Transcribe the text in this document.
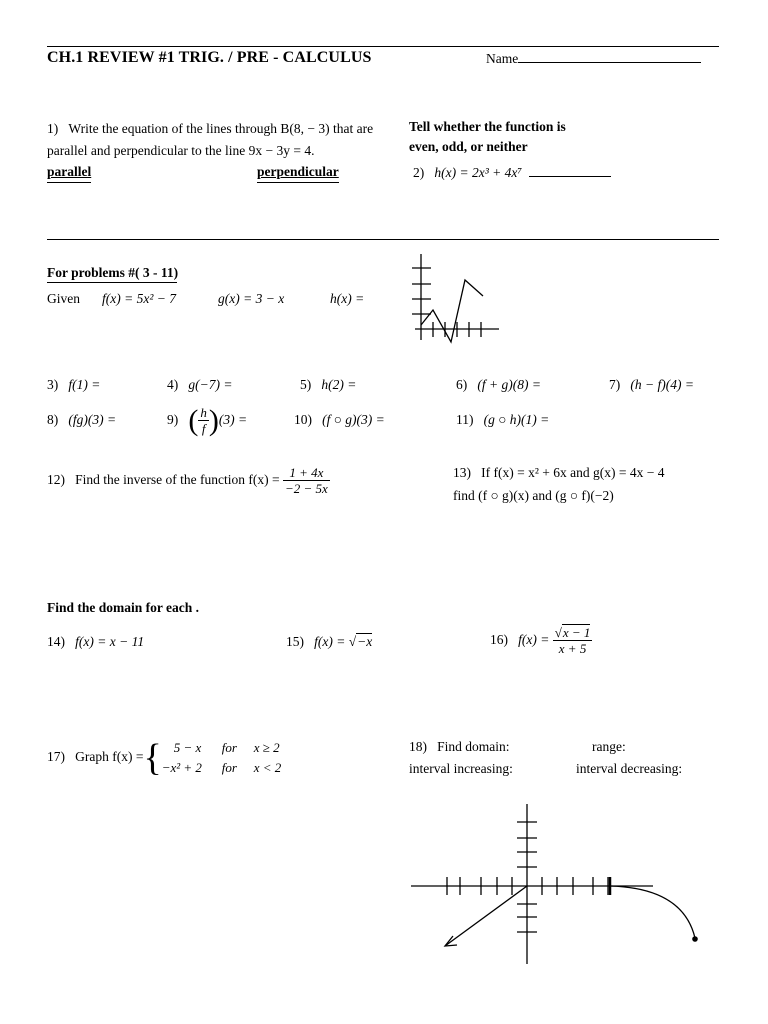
CH.1 REVIEW #1 TRIG. / PRE - CALCULUS	Name
1) Write the equation of the lines through B(8, − 3) that are
parallel and perpendicular to the line 9x − 3y = 4.
parallel	perpendicular
Tell whether the function is
even, odd, or neither
2) h(x) = 2x³ + 4x⁷
For problems #( 3 - 11)
Given f(x) = 5x² − 7	g(x) = 3 − x	h(x) =
3) f(1) =	4) g(−7) =	5) h(2) =	6) (f + g)(8) =	7) (h − f)(4) =
8) (fg)(3) =	9) ( $\frac{h}{f} )(3)$ =	10) (f ○ g)(3) =	11) (g ○ h)(1) =
12) Find the inverse of the function $f(x) = \frac{1 + 4x}{-2 - 5x}$	13) If f(x) = x² + 6x and g(x) = 4x − 4
find (f ○ g)(x) and (g ○ f)(−2)
Find the domain for each .
14) f(x) = x − 11	15) f(x) = √−x	16) $f(x) = \frac{√x - 1}{x + 5}$
17) Graph f(x) ={ 5 − x for x ≥ 2
−x² + 2 for x < 2
18) Find domain:	range:
interval increasing:	interval decreasing:
